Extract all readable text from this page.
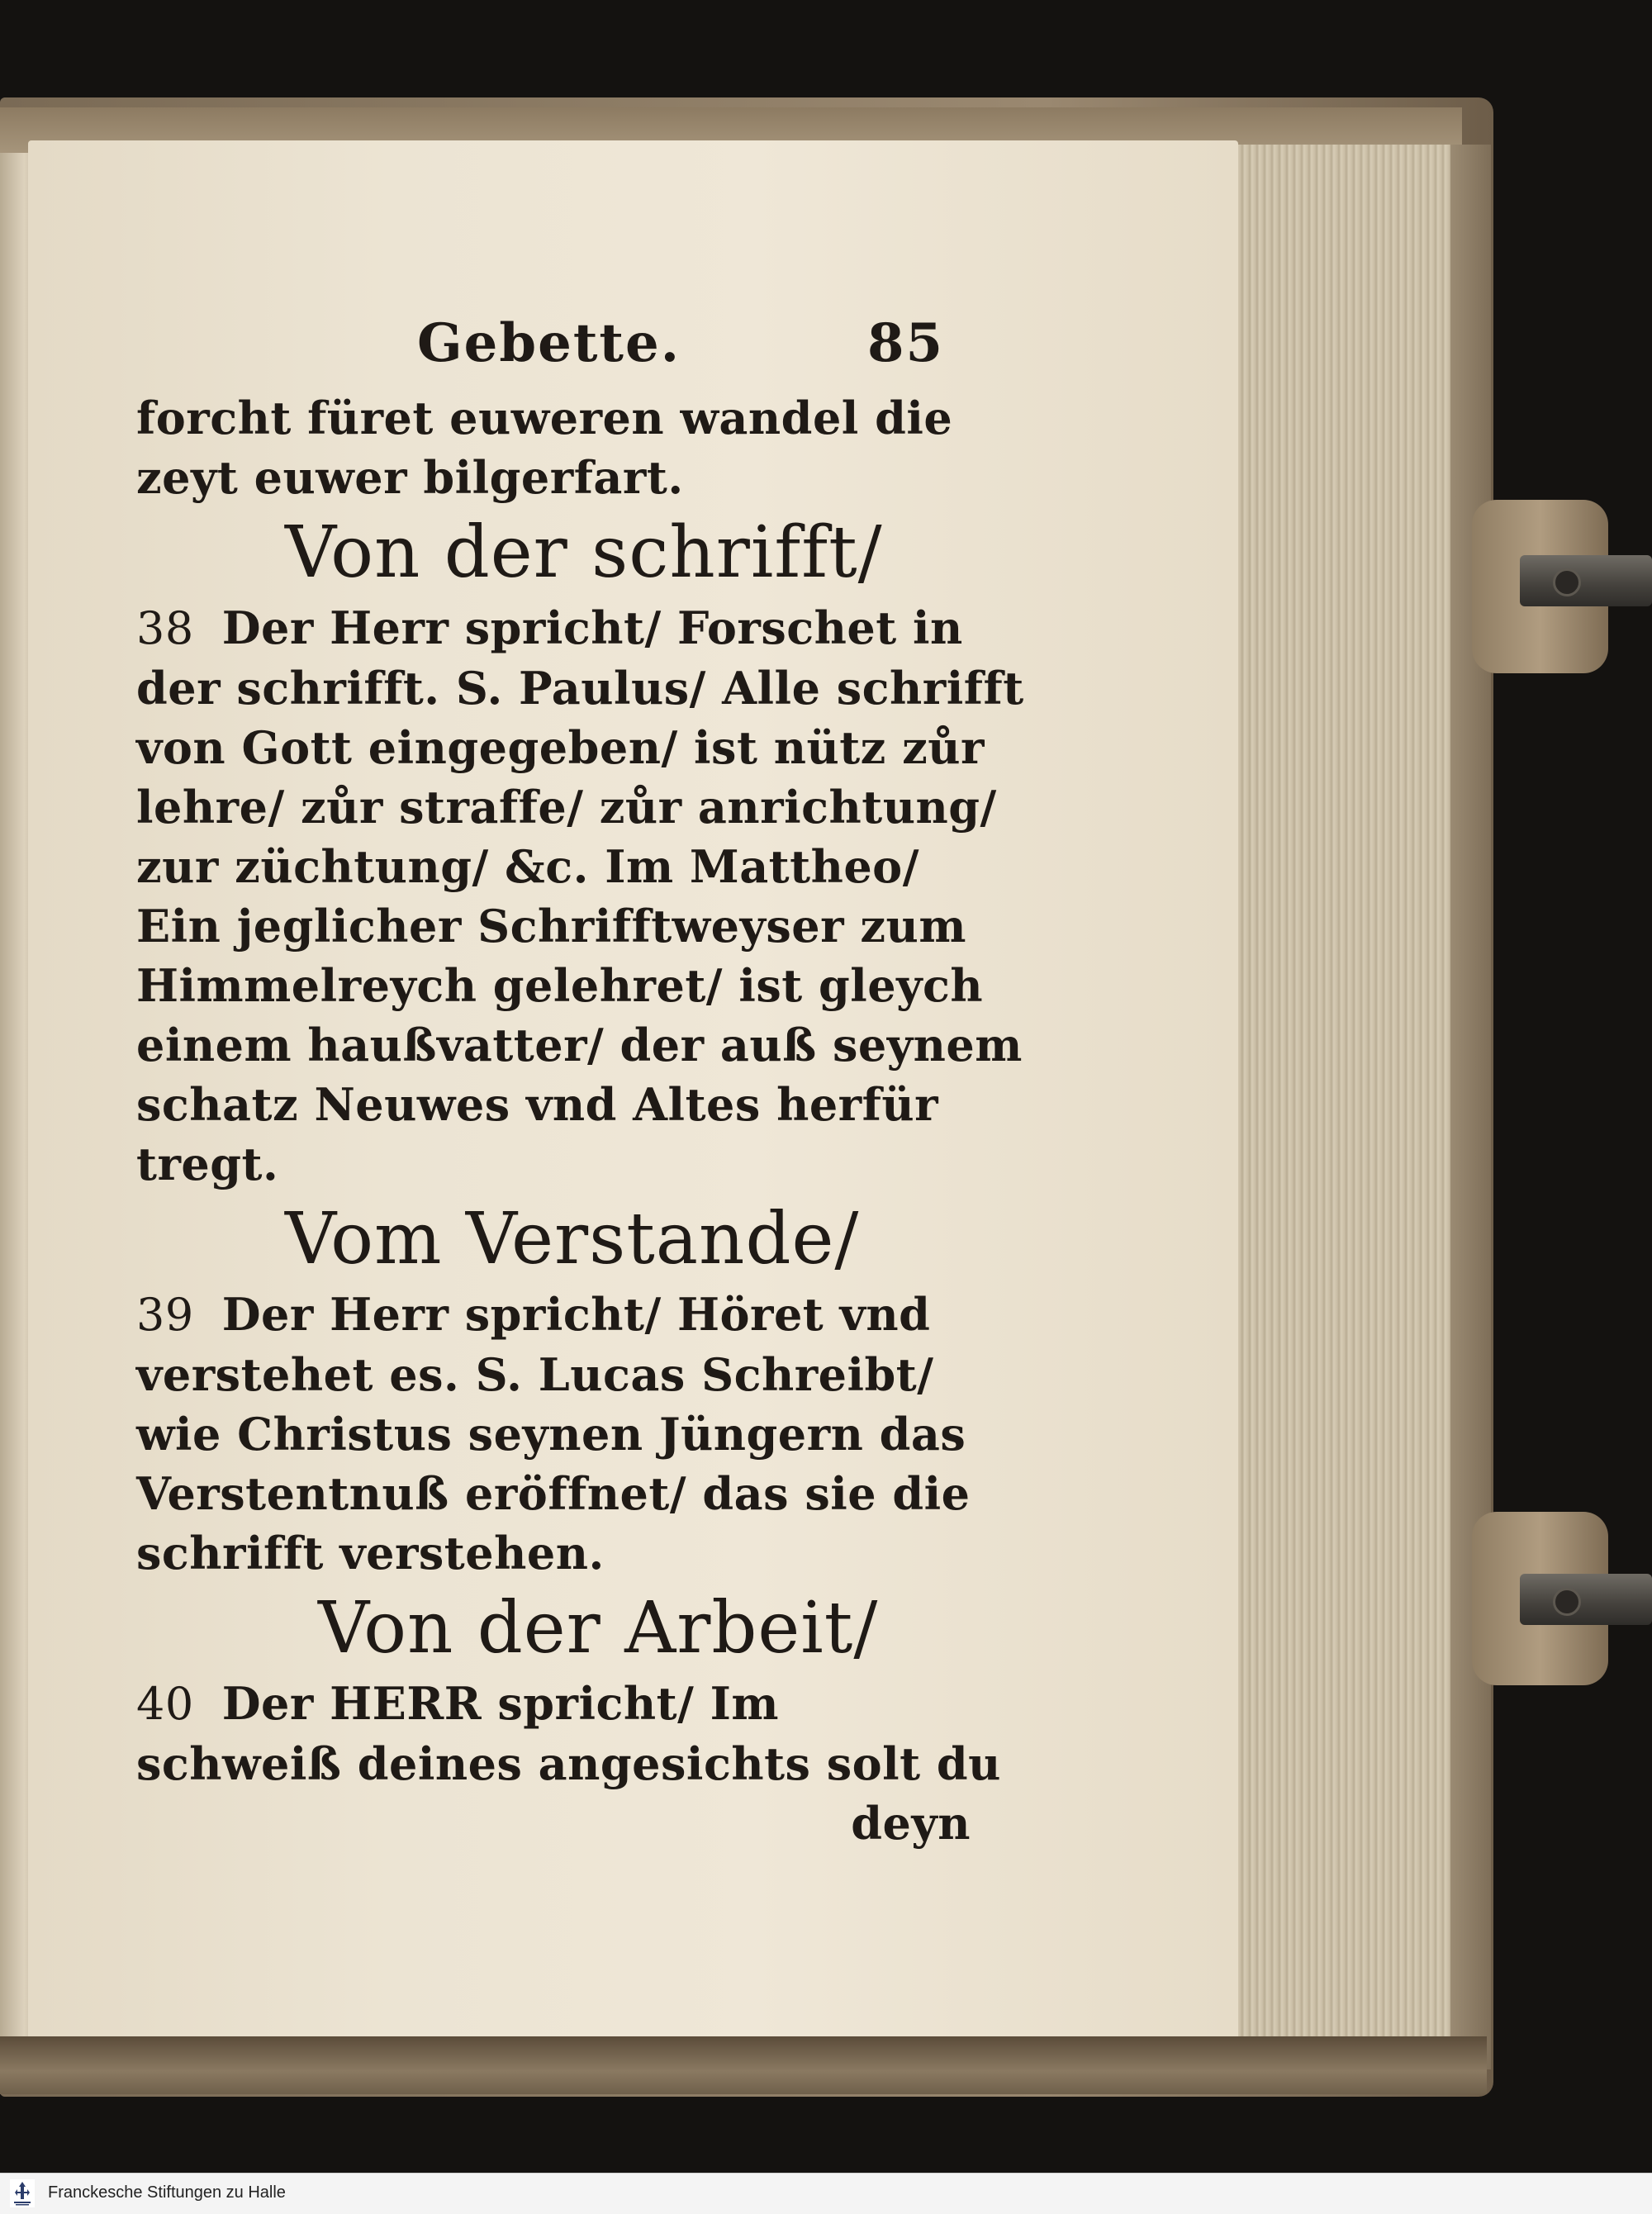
Gebette.	85
forcht füret euweren wandel die
zeyt euwer bilgerfart.
Von der schrifft/
38 Der Herr spricht/ Forschet in
der schrifft. S. Paulus/ Alle schrifft
von Gott eingegeben/ ist nütz zůr
lehre/ zůr straffe/ zůr anrichtung/
zur züchtung/ &c. Im Mattheo/
Ein jeglicher Schrifftweyser zum
Himmelreych gelehret/ ist gleych
einem haußvatter/ der auß seynem
schatz Neuwes vnd Altes herfür
tregt.
Vom Verstande/
39 Der Herr spricht/ Höret vnd
verstehet es. S. Lucas Schreibt/
wie Christus seynen Jüngern das
Verstentnuß eröffnet/ das sie die
schrifft verstehen.
Von der Arbeit/
40 Der HERR spricht/ Im
schweiß deines angesichts solt du
deyn
Franckesche Stiftungen zu Halle
